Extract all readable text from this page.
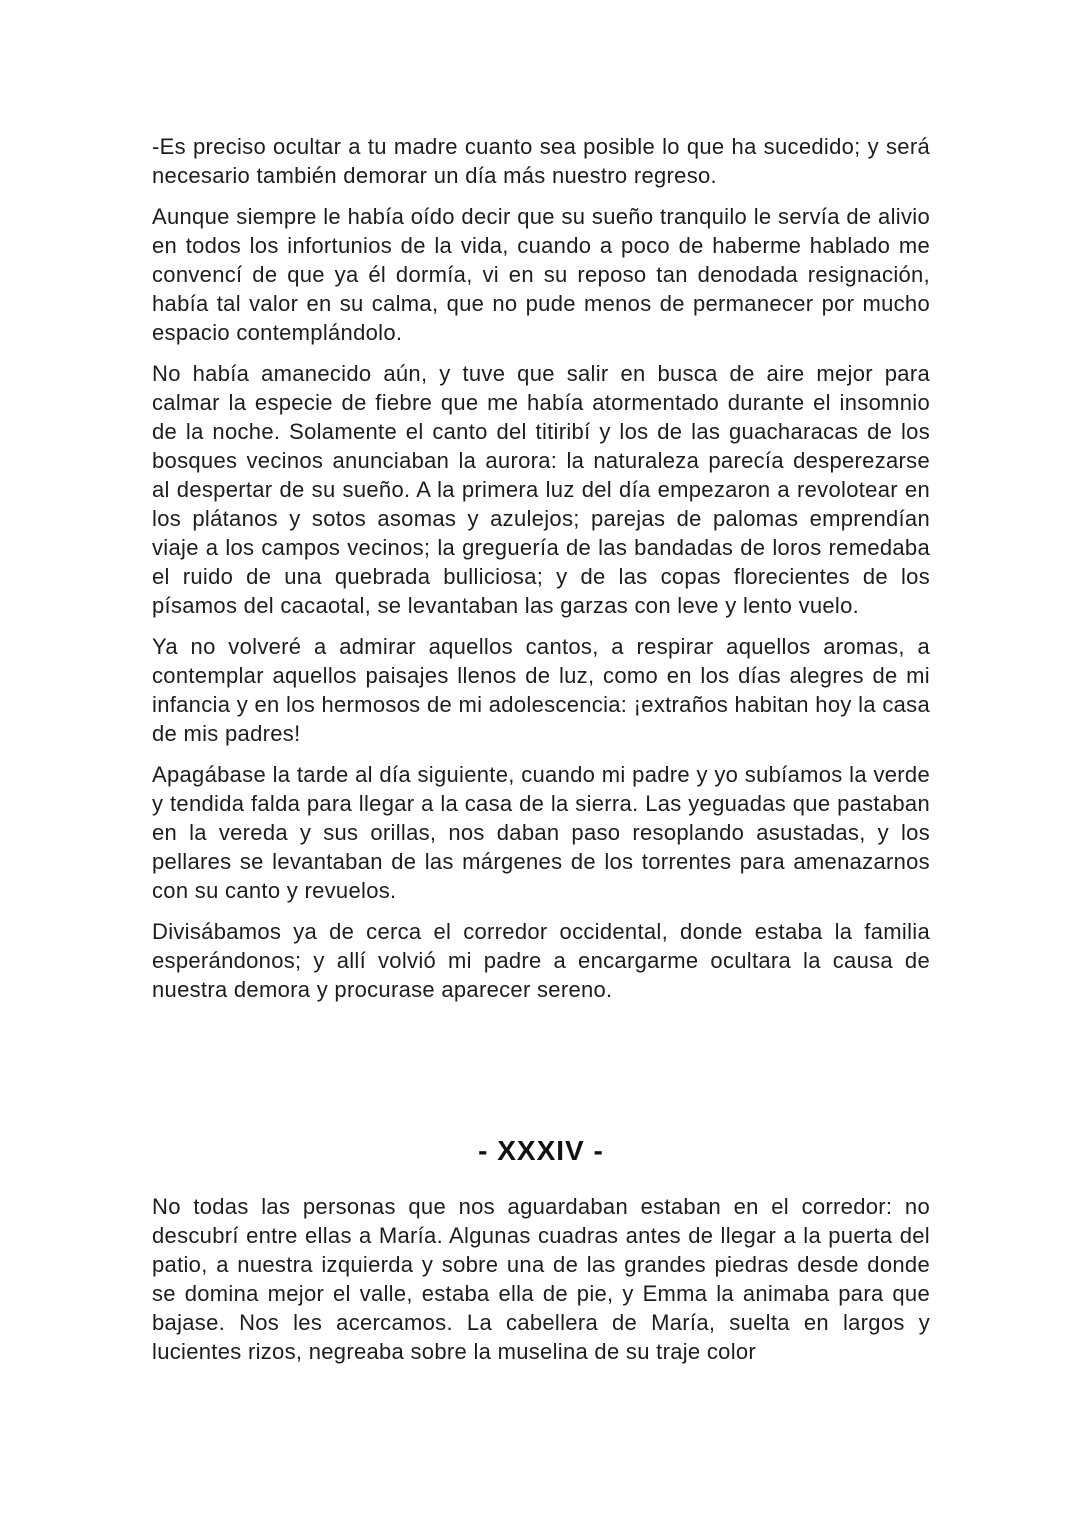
-Es preciso ocultar a tu madre cuanto sea posible lo que ha sucedido; y será necesario también demorar un día más nuestro regreso.

Aunque siempre le había oído decir que su sueño tranquilo le servía de alivio en todos los infortunios de la vida, cuando a poco de haberme hablado me convencí de que ya él dormía, vi en su reposo tan denodada resignación, había tal valor en su calma, que no pude menos de permanecer por mucho espacio contemplándolo.

No había amanecido aún, y tuve que salir en busca de aire mejor para calmar la especie de fiebre que me había atormentado durante el insomnio de la noche. Solamente el canto del titiribí y los de las guacharacas de los bosques vecinos anunciaban la aurora: la naturaleza parecía desperezarse al despertar de su sueño. A la primera luz del día empezaron a revolotear en los plátanos y sotos asomas y azulejos; parejas de palomas emprendían viaje a los campos vecinos; la greguería de las bandadas de loros remedaba el ruido de una quebrada bulliciosa; y de las copas florecientes de los písamos del cacaotal, se levantaban las garzas con leve y lento vuelo.

Ya no volveré a admirar aquellos cantos, a respirar aquellos aromas, a contemplar aquellos paisajes llenos de luz, como en los días alegres de mi infancia y en los hermosos de mi adolescencia: ¡extraños habitan hoy la casa de mis padres!

Apagábase la tarde al día siguiente, cuando mi padre y yo subíamos la verde y tendida falda para llegar a la casa de la sierra. Las yeguadas que pastaban en la vereda y sus orillas, nos daban paso resoplando asustadas, y los pellares se levantaban de las márgenes de los torrentes para amenazarnos con su canto y revuelos.

Divisábamos ya de cerca el corredor occidental, donde estaba la familia esperándonos; y allí volvió mi padre a encargarme ocultara la causa de nuestra demora y procurase aparecer sereno.

- XXXIV -

No todas las personas que nos aguardaban estaban en el corredor: no descubrí entre ellas a María. Algunas cuadras antes de llegar a la puerta del patio, a nuestra izquierda y sobre una de las grandes piedras desde donde se domina mejor el valle, estaba ella de pie, y Emma la animaba para que bajase. Nos les acercamos. La cabellera de María, suelta en largos y lucientes rizos, negreaba sobre la muselina de su traje color
